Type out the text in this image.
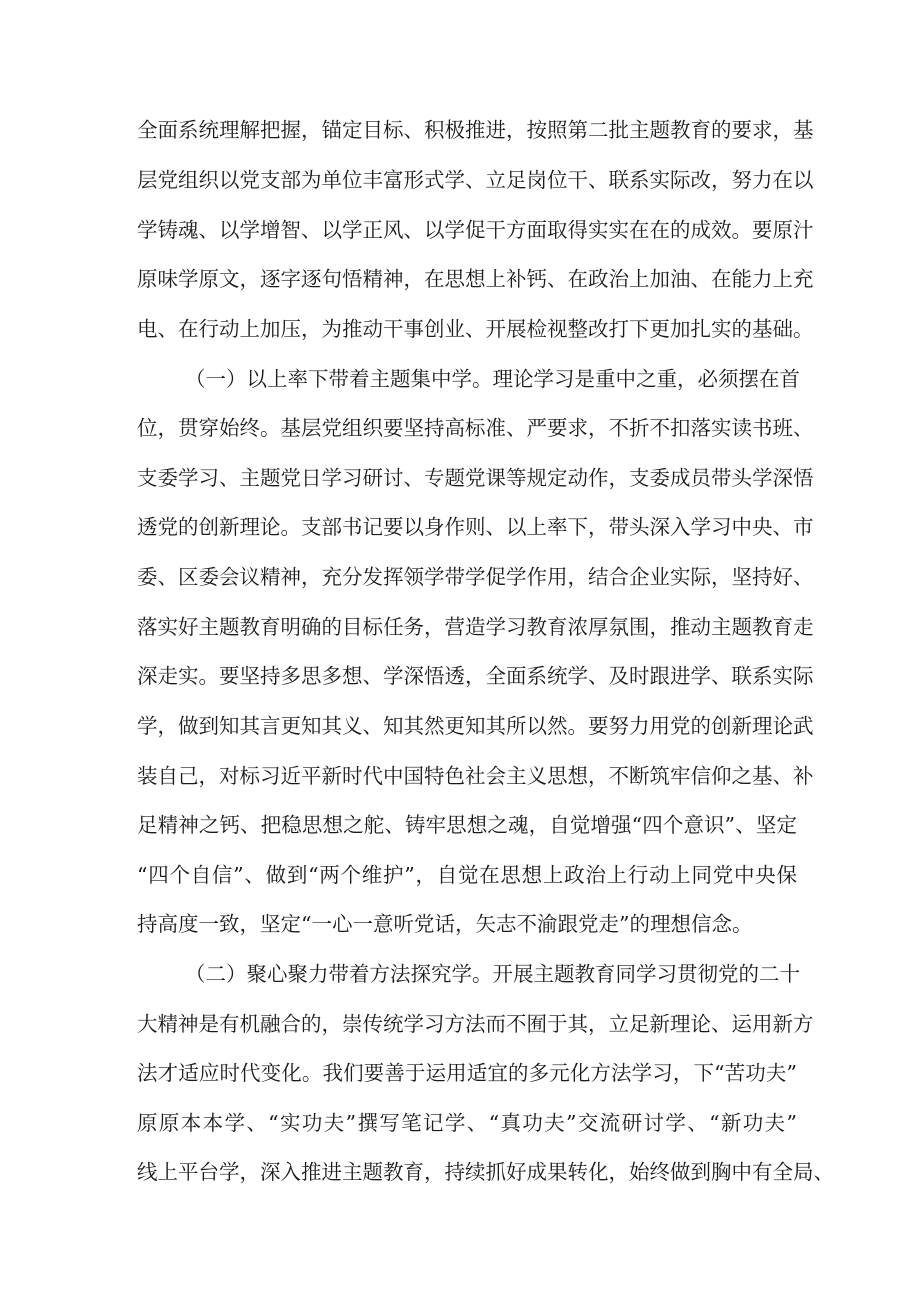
全面系统理解把握，锚定目标、积极推进，按照第二批主题教育的要求，基
层党组织以党支部为单位丰富形式学、立足岗位干、联系实际改，努力在以
学铸魂、以学增智、以学正风、以学促干方面取得实实在在的成效。要原汁
原味学原文，逐字逐句悟精神，在思想上补钙、在政治上加油、在能力上充
电、在行动上加压，为推动干事创业、开展检视整改打下更加扎实的基础。
（一）以上率下带着主题集中学。理论学习是重中之重，必须摆在首
位，贯穿始终。基层党组织要坚持高标准、严要求，不折不扣落实读书班、
支委学习、主题党日学习研讨、专题党课等规定动作，支委成员带头学深悟
透党的创新理论。支部书记要以身作则、以上率下，带头深入学习中央、市
委、区委会议精神，充分发挥领学带学促学作用，结合企业实际，坚持好、
落实好主题教育明确的目标任务，营造学习教育浓厚氛围，推动主题教育走
深走实。要坚持多思多想、学深悟透，全面系统学、及时跟进学、联系实际
学，做到知其言更知其义、知其然更知其所以然。要努力用党的创新理论武
装自己，对标习近平新时代中国特色社会主义思想，不断筑牢信仰之基、补
足精神之钙、把稳思想之舵、铸牢思想之魂，自觉增强“四个意识”、坚定
“四个自信”、做到“两个维护”，自觉在思想上政治上行动上同党中央保
持高度一致，坚定“一心一意听党话，矢志不渝跟党走”的理想信念。
（二）聚心聚力带着方法探究学。开展主题教育同学习贯彻党的二十
大精神是有机融合的，崇传统学习方法而不囿于其，立足新理论、运用新方
法才适应时代变化。我们要善于运用适宜的多元化方法学习，下“苦功夫”
原原本本学、“实功夫”撰写笔记学、“真功夫”交流研讨学、“新功夫”
线上平台学，深入推进主题教育，持续抓好成果转化，始终做到胸中有全局、
